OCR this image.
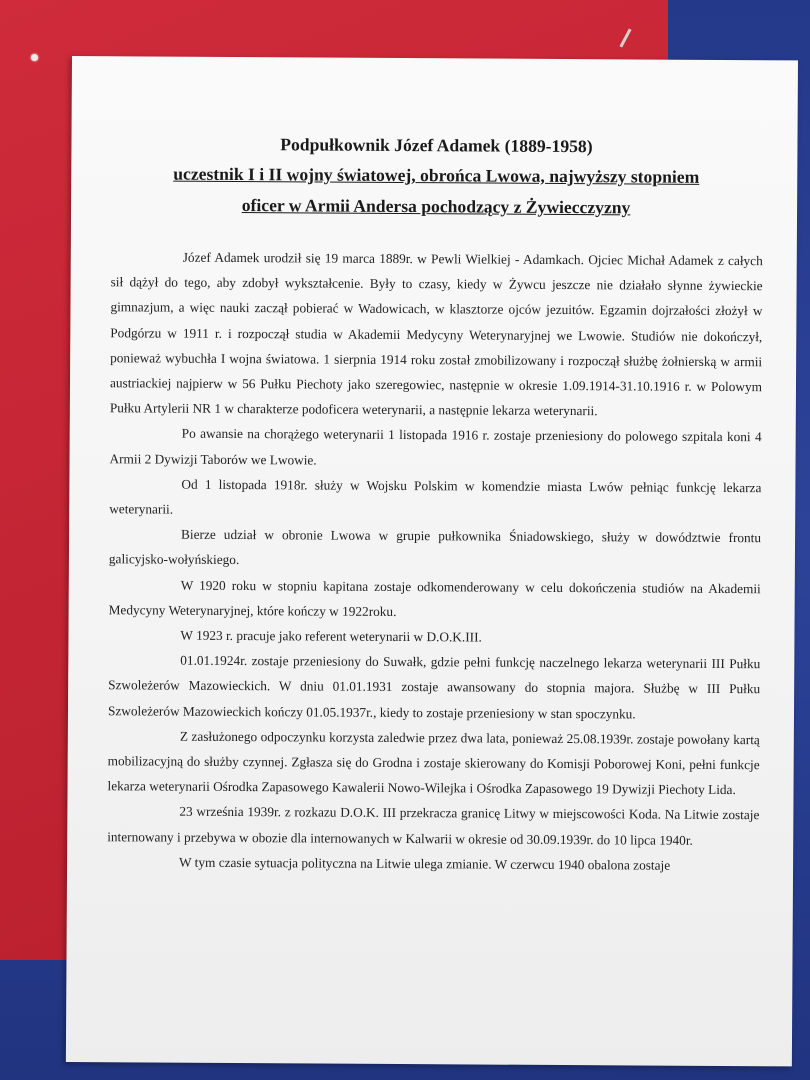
Podpułkownik Józef Adamek (1889-1958)
uczestnik I i II wojny światowej, obrońca Lwowa, najwyższy stopniem
oficer w Armii Andersa pochodzący z Żywiecczyzny

Józef Adamek urodził się 19 marca 1889r. w Pewli Wielkiej - Adamkach. Ojciec Michał Adamek z całych sił dążył do tego, aby zdobył wykształcenie. Były to czasy, kiedy w Żywcu jeszcze nie działało słynne żywieckie gimnazjum, a więc nauki zaczął pobierać w Wadowicach, w klasztorze ojców jezuitów. Egzamin dojrzałości złożył w Podgórzu w 1911 r. i rozpoczął studia w Akademii Medycyny Weterynaryjnej we Lwowie. Studiów nie dokończył, ponieważ wybuchła I wojna światowa. 1 sierpnia 1914 roku został zmobilizowany i rozpoczął służbę żołnierską w armii austriackiej najpierw w 56 Pułku Piechoty jako szeregowiec, następnie w okresie 1.09.1914-31.10.1916 r. w Polowym Pułku Artylerii NR 1 w charakterze podoficera weterynarii, a następnie lekarza weterynarii.

Po awansie na chorążego weterynarii 1 listopada 1916 r. zostaje przeniesiony do polowego szpitala koni 4 Armii 2 Dywizji Taborów we Lwowie.

Od 1 listopada 1918r. służy w Wojsku Polskim w komendzie miasta Lwów pełniąc funkcję lekarza weterynarii.

Bierze udział w obronie Lwowa w grupie pułkownika Śniadowskiego, służy w dowództwie frontu galicyjsko-wołyńskiego.

W 1920 roku w stopniu kapitana zostaje odkomenderowany w celu dokończenia studiów na Akademii Medycyny Weterynaryjnej, które kończy w 1922roku.

W 1923 r. pracuje jako referent weterynarii w D.O.K.III.

01.01.1924r. zostaje przeniesiony do Suwałk, gdzie pełni funkcję naczelnego lekarza weterynarii III Pułku Szwoleżerów Mazowieckich. W dniu 01.01.1931 zostaje awansowany do stopnia majora. Służbę w III Pułku Szwoleżerów Mazowieckich kończy 01.05.1937r., kiedy to zostaje przeniesiony w stan spoczynku.

Z zasłużonego odpoczynku korzysta zaledwie przez dwa lata, ponieważ 25.08.1939r. zostaje powołany kartą mobilizacyjną do służby czynnej. Zgłasza się do Grodna i zostaje skierowany do Komisji Poborowej Koni, pełni funkcje lekarza weterynarii Ośrodka Zapasowego Kawalerii Nowo-Wilejka i Ośrodka Zapasowego 19 Dywizji Piechoty Lida.

23 września 1939r. z rozkazu D.O.K. III przekracza granicę Litwy w miejscowości Koda. Na Litwie zostaje internowany i przebywa w obozie dla internowanych w Kalwarii w okresie od 30.09.1939r. do 10 lipca 1940r.

W tym czasie sytuacja polityczna na Litwie ulega zmianie. W czerwcu 1940 obalona zostaje
